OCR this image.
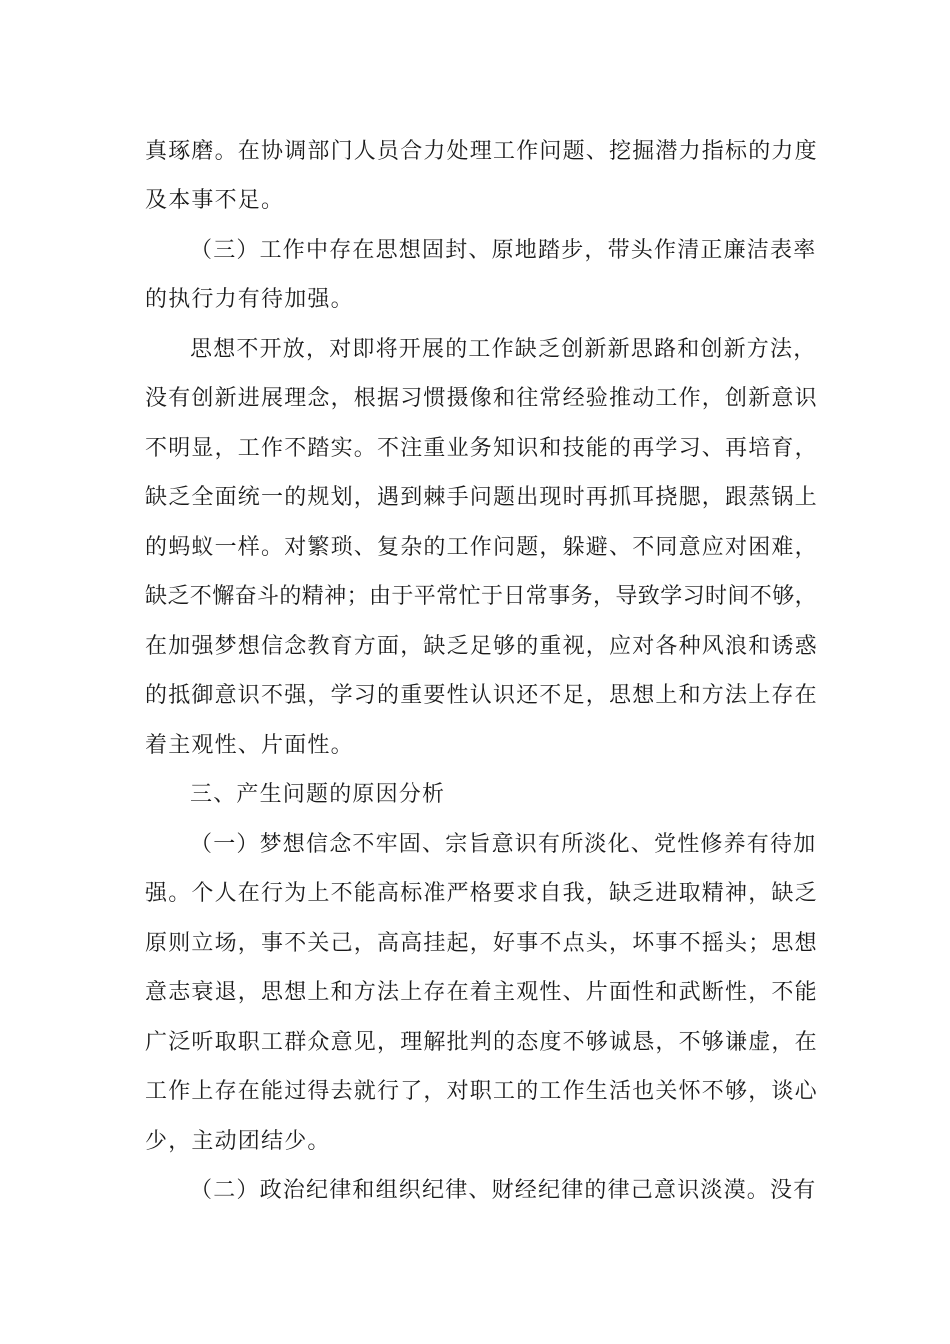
真琢磨。在协调部门人员合力处理工作问题、挖掘潜力指标的力度
及本事不足。
（三）工作中存在思想固封、原地踏步，带头作清正廉洁表率
的执行力有待加强。
思想不开放，对即将开展的工作缺乏创新新思路和创新方法，
没有创新进展理念，根据习惯摄像和往常经验推动工作，创新意识
不明显，工作不踏实。不注重业务知识和技能的再学习、再培育，
缺乏全面统一的规划，遇到棘手问题出现时再抓耳挠腮，跟蒸锅上
的蚂蚁一样。对繁琐、复杂的工作问题，躲避、不同意应对困难，
缺乏不懈奋斗的精神；由于平常忙于日常事务，导致学习时间不够，
在加强梦想信念教育方面，缺乏足够的重视，应对各种风浪和诱惑
的抵御意识不强，学习的重要性认识还不足，思想上和方法上存在
着主观性、片面性。
三、产生问题的原因分析
（一）梦想信念不牢固、宗旨意识有所淡化、党性修养有待加
强。个人在行为上不能高标准严格要求自我，缺乏进取精神，缺乏
原则立场，事不关己，高高挂起，好事不点头，坏事不摇头；思想
意志衰退，思想上和方法上存在着主观性、片面性和武断性，不能
广泛听取职工群众意见，理解批判的态度不够诚恳，不够谦虚，在
工作上存在能过得去就行了，对职工的工作生活也关怀不够，谈心
少，主动团结少。
（二）政治纪律和组织纪律、财经纪律的律己意识淡漠。没有
